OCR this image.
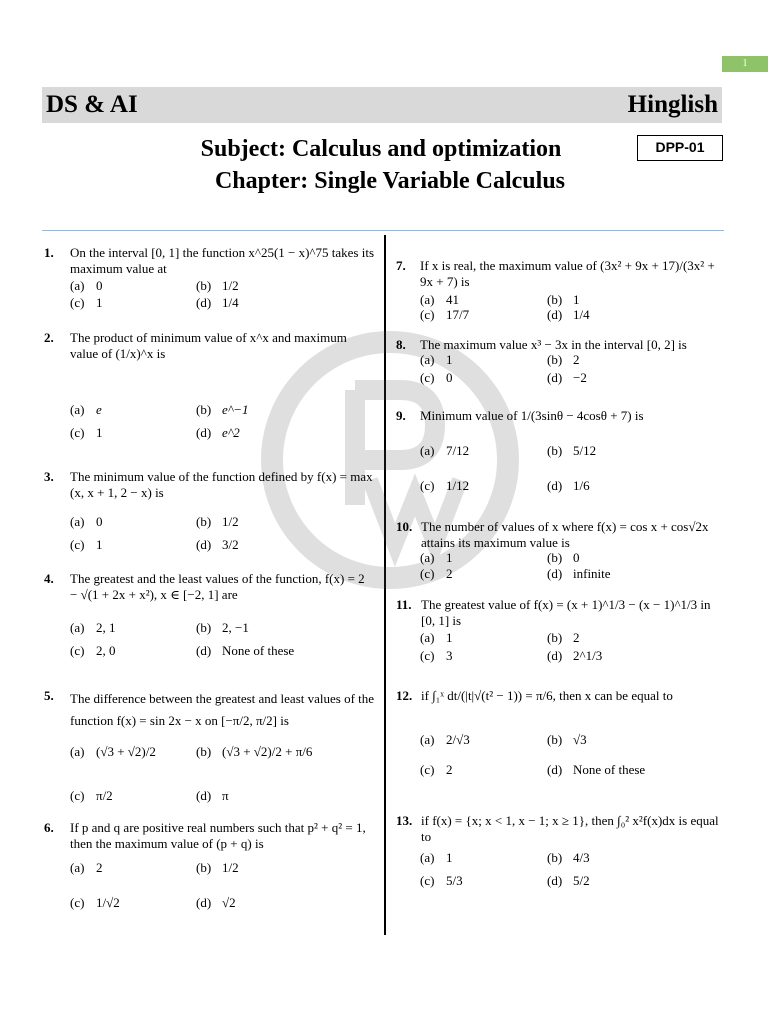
1
DS & AI	Hinglish
Subject: Calculus and optimization
Chapter: Single Variable Calculus
DPP-01
1. On the interval [0, 1] the function x^25(1 − x)^75 takes its maximum value at
(a) 0	(b) 1/2
(c) 1	(d) 1/4
2. The product of minimum value of x^x and maximum value of (1/x)^x is
(a) e	(b) e^−1
(c) 1	(d) e^2
3. The minimum value of the function defined by f(x) = max (x, x + 1, 2 − x) is
(a) 0	(b) 1/2
(c) 1	(d) 3/2
4. The greatest and the least values of the function, f(x) = 2 − √(1 + 2x + x²), x ∈ [−2, 1] are
(a) 2, 1	(b) 2, −1
(c) 2, 0	(d) None of these
5. The difference between the greatest and least values of the function f(x) = sin 2x − x on [−π/2, π/2] is
(a) (√3 + √2)/2	(b) (√3 + √2)/2 + π/6
(c) π/2	(d) π
6. If p and q are positive real numbers such that p² + q² = 1, then the maximum value of (p + q) is
(a) 2	(b) 1/2
(c) 1/√2	(d) √2
7. If x is real, the maximum value of (3x² + 9x + 17)/(3x² + 9x + 7) is
(a) 41	(b) 1
(c) 17/7	(d) 1/4
8. The maximum value x³ − 3x in the interval [0, 2] is
(a) 1	(b) 2
(c) 0	(d) −2
9. Minimum value of 1/(3sinθ − 4cosθ + 7) is
(a) 7/12	(b) 5/12
(c) 1/12	(d) 1/6
10. The number of values of x where f(x) = cos x + cos√2x attains its maximum value is
(a) 1	(b) 0
(c) 2	(d) infinite
11. The greatest value of f(x) = (x + 1)^1/3 − (x − 1)^1/3 in [0, 1] is
(a) 1	(b) 2
(c) 3	(d) 2^1/3
12. if ∫₁ˣ dt/(|t|√(t² − 1)) = π/6, then x can be equal to
(a) 2/√3	(b) √3
(c) 2	(d) None of these
13. if f(x) = {x; x < 1, x − 1; x ≥ 1}, then ∫₀² x²f(x)dx is equal to
(a) 1	(b) 4/3
(c) 5/3	(d) 5/2
